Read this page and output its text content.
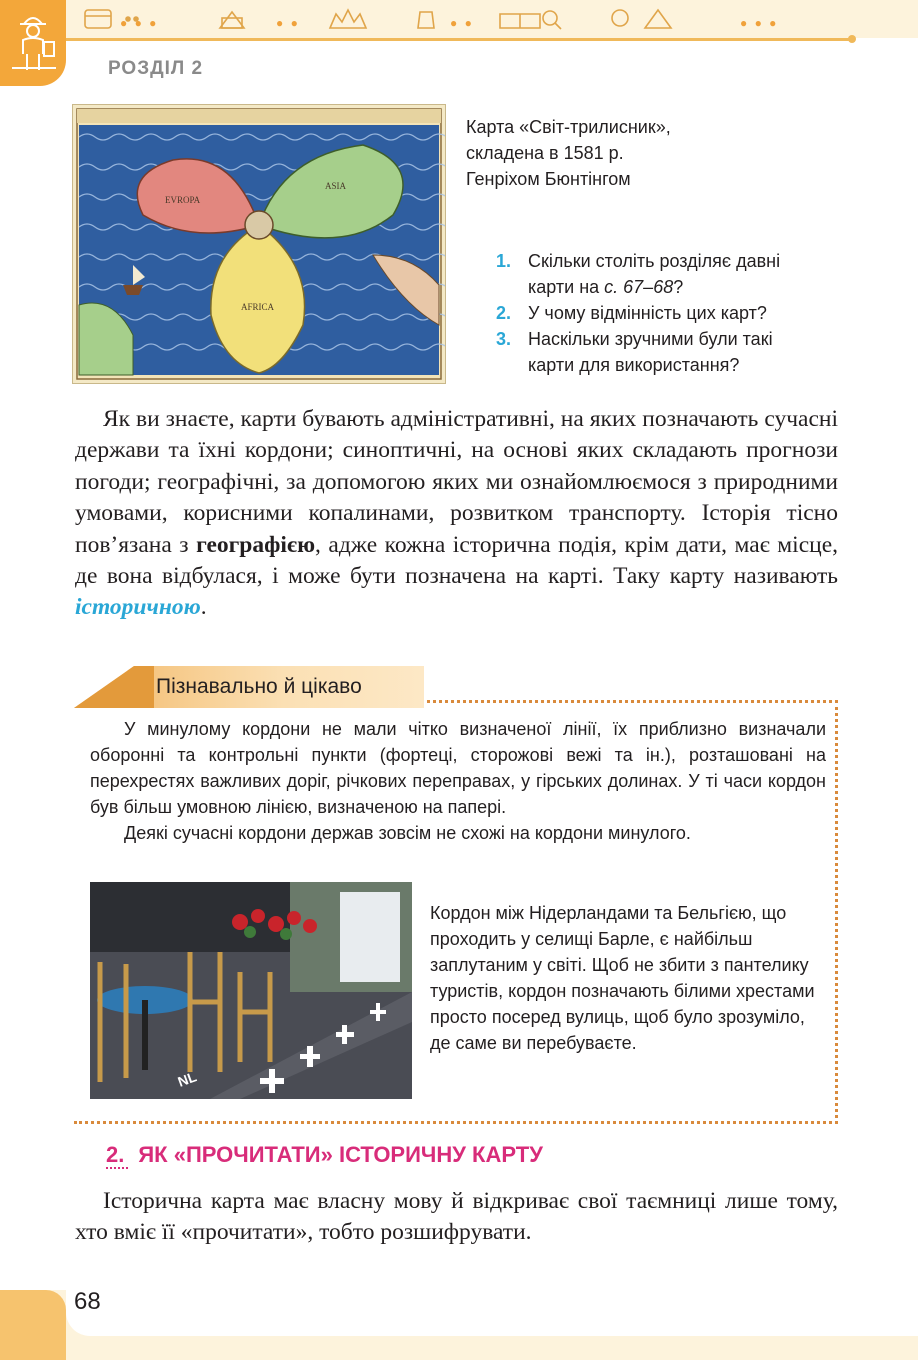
● ● ●	● ●	● ●	● ● ●
РОЗДІЛ 2
EVROPA
ASIA
AFRICA
Карта «Світ-трилисник»,
складена в 1581 р.
Генріхом Бюнтінгом
1. Скільки століть розділяє давні
карти на с. 67–68?
2. У чому відмінність цих карт?
3. Наскільки зручними були такі
карти для використання?

Як ви знаєте, карти бувають адміністративні, на яких позначають сучасні держави та їхні кордони; синоптичні, на основі яких складають прогнози погоди; географічні, за допомогою яких ми ознайомлюємося з природними умовами, корисними копалинами, розвитком транспорту. Історія тісно пов’язана з географією, адже кожна історична подія, крім дати, має місце, де вона відбулася, і може бути позначена на карті. Таку карту називають історичною.

Пізнавально й цікаво

У минулому кордони не мали чітко визначеної лінії, їх приблизно визначали оборонні та контрольні пункти (фортеці, сторожові вежі та ін.), розташовані на перехрестях важливих доріг, річкових переправах, у гірських долинах. У ті часи кордон був більш умовною лінією, визначеною на папері.

Деякі сучасні кордони держав зовсім не схожі на кордони минулого.

NL
Кордон між Нідерландами та Бельгією, що проходить у селищі Барле, є найбільш заплутаним у світі. Щоб не збити з пантелику туристів, кордон позначають білими хрестами просто посеред вулиць, щоб було зрозуміло, де саме ви перебуваєте.
2. ЯК «ПРОЧИТАТИ» ІСТОРИЧНУ КАРТУ

Історична карта має власну мову й відкриває свої таємниці лише тому, хто вміє її «прочитати», тобто розшифрувати.

68
